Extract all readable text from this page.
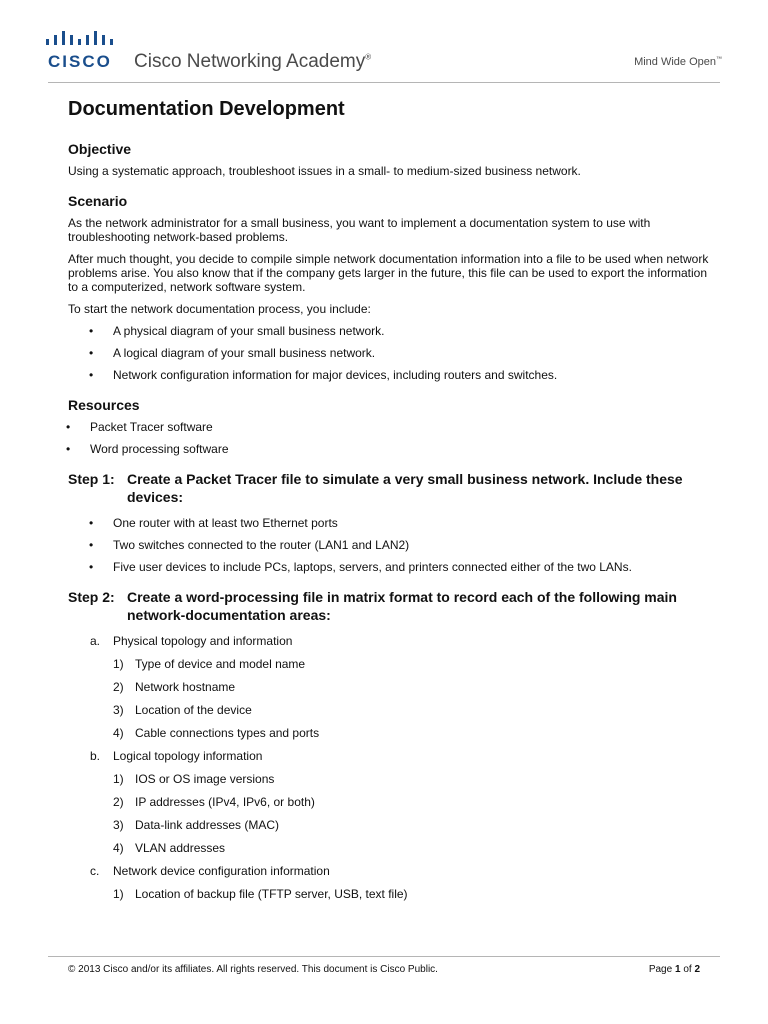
CISCO Cisco Networking Academy®	Mind Wide Open™
Documentation Development
Objective

Using a systematic approach, troubleshoot issues in a small- to medium-sized business network.

Scenario

As the network administrator for a small business, you want to implement a documentation system to use with troubleshooting network-based problems.

After much thought, you decide to compile simple network documentation information into a file to be used when network problems arise. You also know that if the company gets larger in the future, this file can be used to export the information to a computerized, network software system.

To start the network documentation process, you include:

• A physical diagram of your small business network.
• A logical diagram of your small business network.
• Network configuration information for major devices, including routers and switches.
Resources
• Packet Tracer software
• Word processing software
Step 1: Create a Packet Tracer file to simulate a very small business network. Include these devices:
• One router with at least two Ethernet ports
• Two switches connected to the router (LAN1 and LAN2)
• Five user devices to include PCs, laptops, servers, and printers connected either of the two LANs.
Step 2: Create a word-processing file in matrix format to record each of the following main network-documentation areas:
a. Physical topology and information
1) Type of device and model name
2) Network hostname
3) Location of the device
4) Cable connections types and ports
b. Logical topology information
1) IOS or OS image versions
2) IP addresses (IPv4, IPv6, or both)
3) Data-link addresses (MAC)
4) VLAN addresses
c. Network device configuration information
1) Location of backup file (TFTP server, USB, text file)
© 2013 Cisco and/or its affiliates. All rights reserved. This document is Cisco Public.	Page 1 of 2
